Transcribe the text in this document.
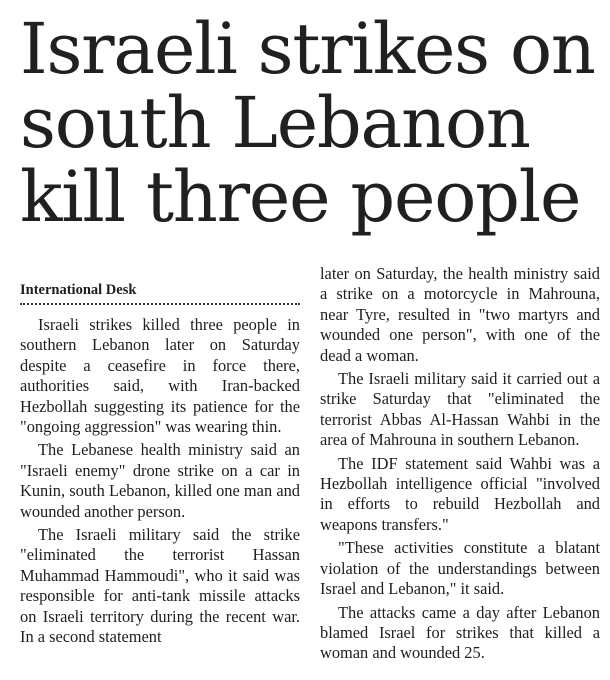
Israeli strikes on
south Lebanon
kill three people
International Desk

Israeli strikes killed three people in southern Lebanon later on Saturday despite a ceasefire in force there, authorities said, with Iran-backed Hezbollah suggesting its patience for the "ongoing aggression" was wearing thin.

The Lebanese health ministry said an "Israeli enemy" drone strike on a car in Kunin, south Lebanon, killed one man and wounded another person.

The Israeli military said the strike "eliminated the terrorist Hassan Muhammad Hammoudi", who it said was responsible for anti-tank missile attacks on Israeli territory during the recent war. In a second statement

later on Saturday, the health ministry said a strike on a motorcycle in Mahrouna, near Tyre, resulted in "two martyrs and wounded one person", with one of the dead a woman.

The Israeli military said it carried out a strike Saturday that "eliminated the terrorist Abbas Al-Hassan Wahbi in the area of Mahrouna in southern Lebanon.

The IDF statement said Wahbi was a Hezbollah intelligence official "involved in efforts to rebuild Hezbollah and weapons transfers."

"These activities constitute a blatant violation of the understandings between Israel and Lebanon," it said.

The attacks came a day after Lebanon blamed Israel for strikes that killed a woman and wounded 25.
